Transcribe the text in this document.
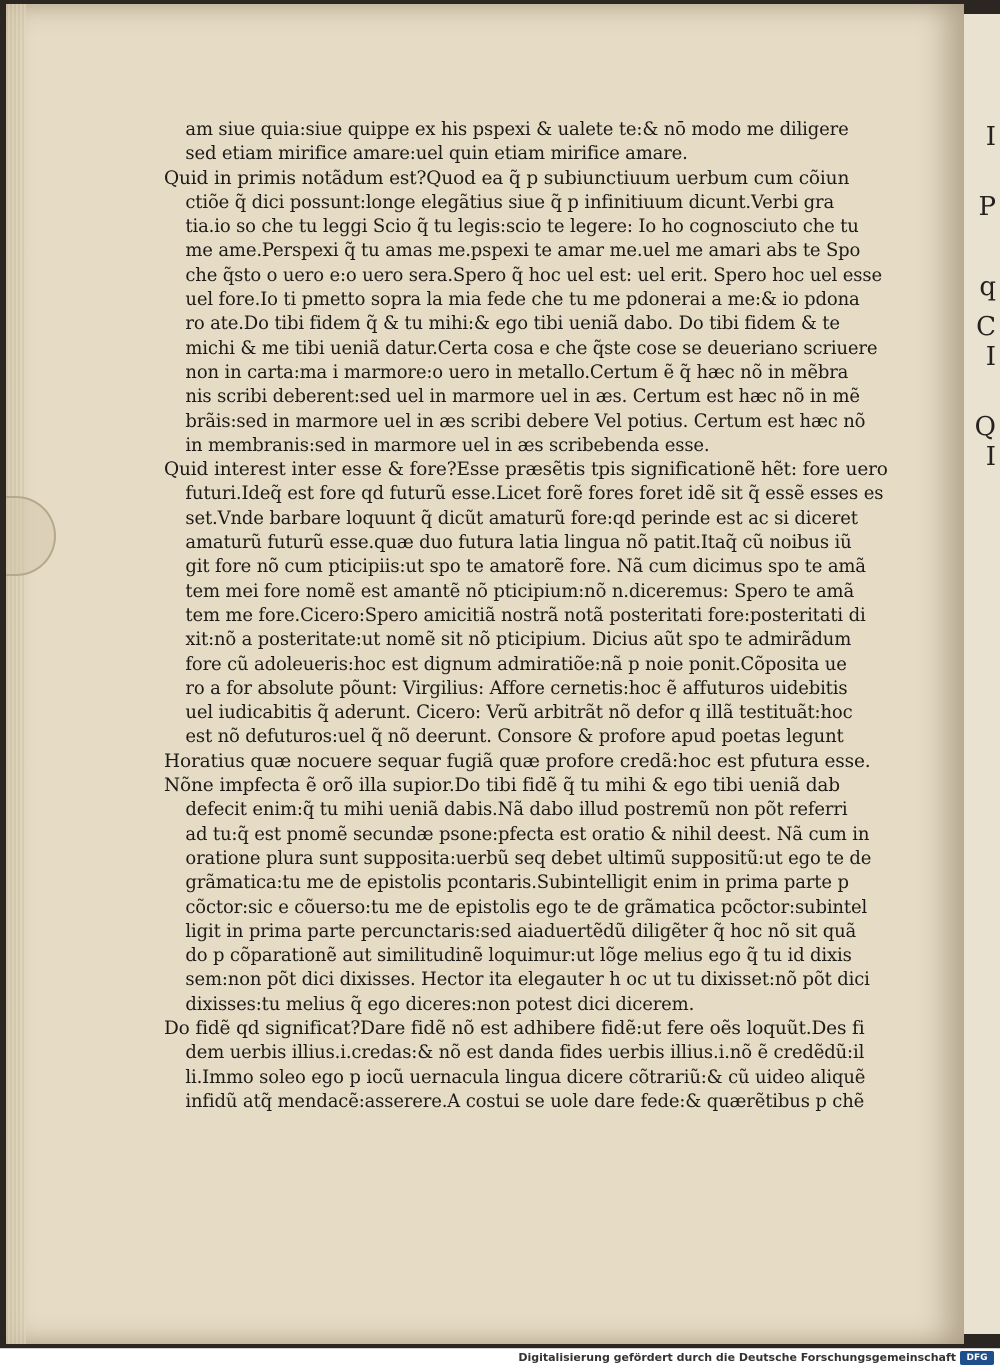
am siue quia:siue quippe ex his pspexi & ualete te:& nō modo me diligere
sed etiam mirifice amare:uel quin etiam mirifice amare.
Quid in primis notãdum est?Quod ea q̃ p subiunctiuum uerbum cum cõiun
ctiõe q̃ dici possunt:longe elegãtius siue q̃ p infinitiuum dicunt.Verbi gra
tia.io so che tu leggi Scio q̃ tu legis:scio te legere: Io ho cognosciuto che tu
me ame.Perspexi q̃ tu amas me.pspexi te amar me.uel me amari abs te Spo
che q̃sto o uero e:o uero sera.Spero q̃ hoc uel est: uel erit. Spero hoc uel esse
uel fore.Io ti pmetto sopra la mia fede che tu me pdonerai a me:& io pdona
ro ate.Do tibi fidem q̃ & tu mihi:& ego tibi ueniã dabo. Do tibi fidem & te
michi & me tibi ueniã datur.Certa cosa e che q̃ste cose se deueriano scriuere
non in carta:ma i marmore:o uero in metallo.Certum ẽ q̃ hæc nõ in mẽbra
nis scribi deberent:sed uel in marmore uel in æs. Certum est hæc nõ in mẽ
brãis:sed in marmore uel in æs scribi debere Vel potius. Certum est hæc nõ
in membranis:sed in marmore uel in æs scribebenda esse.
Quid interest inter esse & fore?Esse præsẽtis tpis significationẽ hẽt: fore uero
futuri.Ideq̃ est fore qd futurũ esse.Licet forẽ fores foret idẽ sit q̃ essẽ esses es
set.Vnde barbare loquunt q̃ dicũt amaturũ fore:qd perinde est ac si diceret
amaturũ futurũ esse.quæ duo futura latia lingua nõ patit.Itaq̃ cũ noibus iũ
git fore nõ cum pticipiis:ut spo te amatorẽ fore. Nã cum dicimus spo te amã
tem mei fore nomẽ est amantẽ nõ pticipium:nõ n.diceremus: Spero te amã
tem me fore.Cicero:Spero amicitiã nostrã notã posteritati fore:posteritati di
xit:nõ a posteritate:ut nomẽ sit nõ pticipium. Dicius aũt spo te admirãdum
fore cũ adoleueris:hoc est dignum admiratiõe:nã p noie ponit.Cõposita ue
ro a for absolute põunt: Virgilius: Affore cernetis:hoc ẽ affuturos uidebitis
uel iudicabitis q̃ aderunt. Cicero: Verũ arbitrãt nõ defor q illã testituãt:hoc
est nõ defuturos:uel q̃ nõ deerunt. Consore & profore apud poetas legunt
Horatius quæ nocuere sequar fugiã quæ profore credã:hoc est pfutura esse.
Nõne impfecta ẽ orõ illa supior.Do tibi fidẽ q̃ tu mihi & ego tibi ueniã dab
defecit enim:q̃ tu mihi ueniã dabis.Nã dabo illud postremũ non põt referri
ad tu:q̃ est pnomẽ secundæ psone:pfecta est oratio & nihil deest. Nã cum in
oratione plura sunt supposita:uerbũ seq debet ultimũ suppositũ:ut ego te de
grãmatica:tu me de epistolis pcontaris.Subintelligit enim in prima parte p
cõctor:sic e cõuerso:tu me de epistolis ego te de grãmatica pcõctor:subintel
ligit in prima parte percunctaris:sed aiaduertẽdũ diligẽter q̃ hoc nõ sit quã
do p cõparationẽ aut similitudinẽ loquimur:ut lõge melius ego q̃ tu id dixis
sem:non põt dici dixisses. Hector ita elegauter h oc ut tu dixisset:nõ põt dici
dixisses:tu melius q̃ ego diceres:non potest dici dicerem.
Do fidẽ qd significat?Dare fidẽ nõ est adhibere fidẽ:ut fere oẽs loquũt.Des fi
dem uerbis illius.i.credas:& nõ est danda fides uerbis illius.i.nõ ẽ credẽdũ:il
li.Immo soleo ego p iocũ uernacula lingua dicere cõtrariũ:& cũ uideo aliquẽ
infidũ atq̃ mendacẽ:asserere.A costui se uole dare fede:& quærẽtibus p chẽ
I
P
q
C
I
Q
I
Digitalisierung gefördert durch die Deutsche Forschungsgemeinschaft	DFG
